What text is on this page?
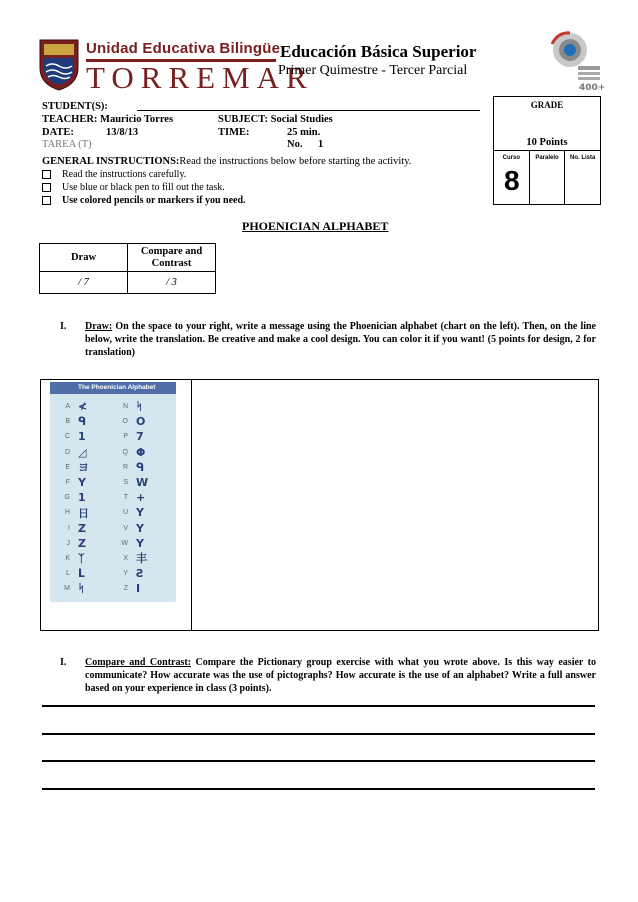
Unidad Educativa Bilingüe
TORREMAR
Educación Básica Superior
Primer Quimestre - Tercer Parcial
400+
STUDENT(S):
TEACHER: Mauricio Torres	SUBJECT: Social Studies
DATE:	13/8/13	TIME:	25 min.
TAREA (T)	No. 1
GRADE
10 Points
Curso
8
Paralelo	No. Lista
GENERAL INSTRUCTIONS:Read the instructions below before starting the activity.
Read the instructions carefully.
Use blue or black pen to fill out the task.
Use colored pencils or markers if you need.
PHOENICIAN ALPHABET
Draw	Compare and Contrast
/ 7	/ 3
I. Draw: On the space to your right, write a message using the Phoenician alphabet (chart on the left). Then, on the line below, write the translation. Be creative and make a cool design. You can color it if you want! (5 points for design, 2 for translation)
The Phoenician Alphabet
A ≮	N ᛋ
B ᑫ	O O
C 1	P 7
D ◿	Q Φ
E ヨ	R ᑫ
F Y	S W
G 1	T +
H 日	U Y
I Z	V Y
J Z	W Y
K ᛉ	X 丰
L ᒪ	Y Ƨ
M ᛋ	Z I
I. Compare and Contrast: Compare the Pictionary group exercise with what you wrote above. Is this way easier to communicate? How accurate was the use of pictographs? How accurate is the use of an alphabet? Write a full answer based on your experience in class (3 points).
